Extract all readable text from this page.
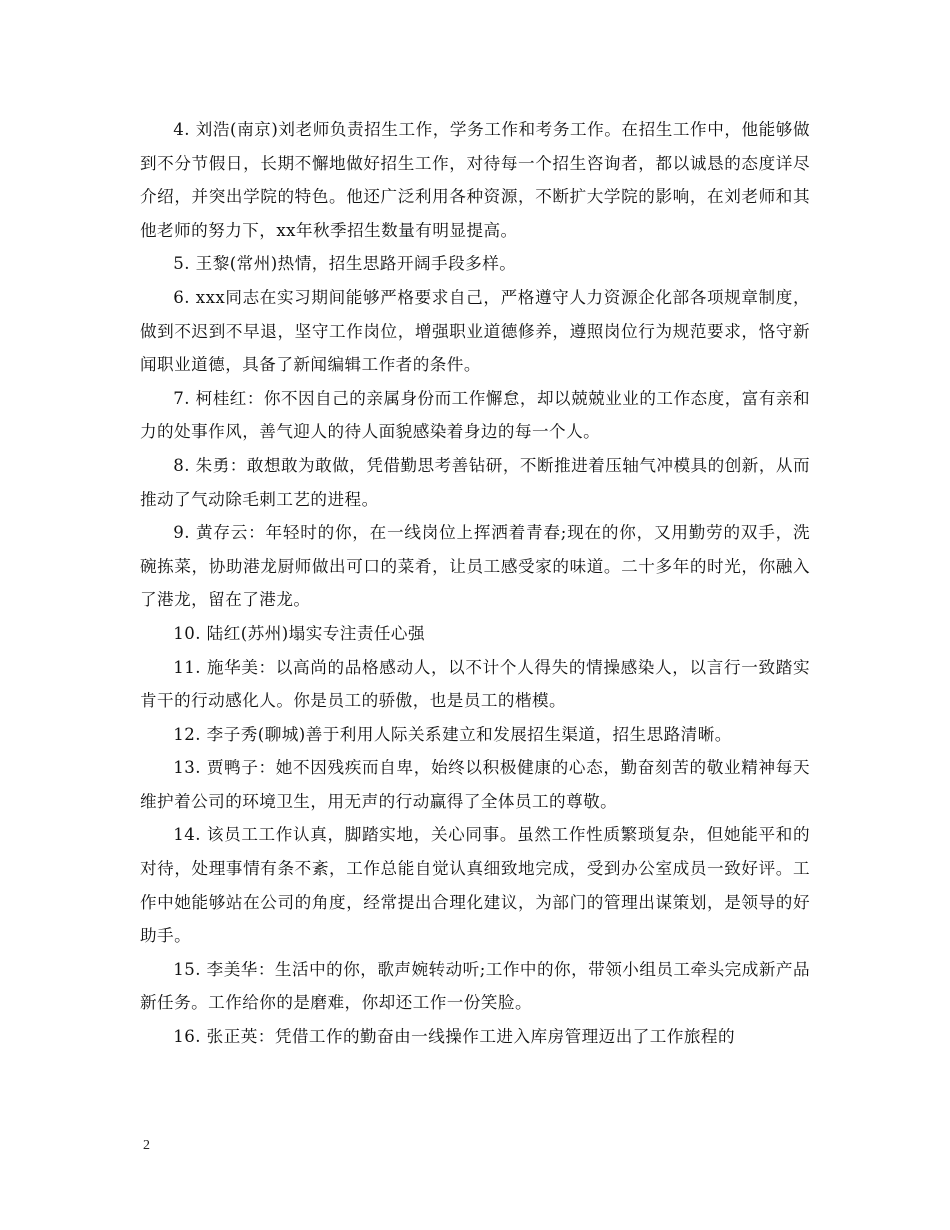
4. 刘浩(南京)刘老师负责招生工作，学务工作和考务工作。在招生工作中，他能够做到不分节假日，长期不懈地做好招生工作，对待每一个招生咨询者，都以诚恳的态度详尽介绍，并突出学院的特色。他还广泛利用各种资源，不断扩大学院的影响，在刘老师和其他老师的努力下，xx年秋季招生数量有明显提高。

5. 王黎(常州)热情，招生思路开阔手段多样。

6. xxx同志在实习期间能够严格要求自己，严格遵守人力资源企化部各项规章制度，做到不迟到不早退，坚守工作岗位，增强职业道德修养，遵照岗位行为规范要求，恪守新闻职业道德，具备了新闻编辑工作者的条件。

7. 柯桂红：你不因自己的亲属身份而工作懈怠，却以兢兢业业的工作态度，富有亲和力的处事作风，善气迎人的待人面貌感染着身边的每一个人。

8. 朱勇：敢想敢为敢做，凭借勤思考善钻研，不断推进着压轴气冲模具的创新，从而推动了气动除毛刺工艺的进程。

9. 黄存云：年轻时的你，在一线岗位上挥洒着青春;现在的你，又用勤劳的双手，洗碗拣菜，协助港龙厨师做出可口的菜肴，让员工感受家的味道。二十多年的时光，你融入了港龙，留在了港龙。

10. 陆红(苏州)塌实专注责任心强

11. 施华美：以高尚的品格感动人，以不计个人得失的情操感染人，以言行一致踏实肯干的行动感化人。你是员工的骄傲，也是员工的楷模。

12. 李子秀(聊城)善于利用人际关系建立和发展招生渠道，招生思路清晰。

13. 贾鸭子：她不因残疾而自卑，始终以积极健康的心态，勤奋刻苦的敬业精神每天维护着公司的环境卫生，用无声的行动赢得了全体员工的尊敬。

14. 该员工工作认真，脚踏实地，关心同事。虽然工作性质繁琐复杂，但她能平和的对待，处理事情有条不紊，工作总能自觉认真细致地完成，受到办公室成员一致好评。工作中她能够站在公司的角度，经常提出合理化建议，为部门的管理出谋策划，是领导的好助手。

15. 李美华：生活中的你，歌声婉转动听;工作中的你，带领小组员工牵头完成新产品新任务。工作给你的是磨难，你却还工作一份笑脸。

16. 张正英：凭借工作的勤奋由一线操作工进入库房管理迈出了工作旅程的

2
